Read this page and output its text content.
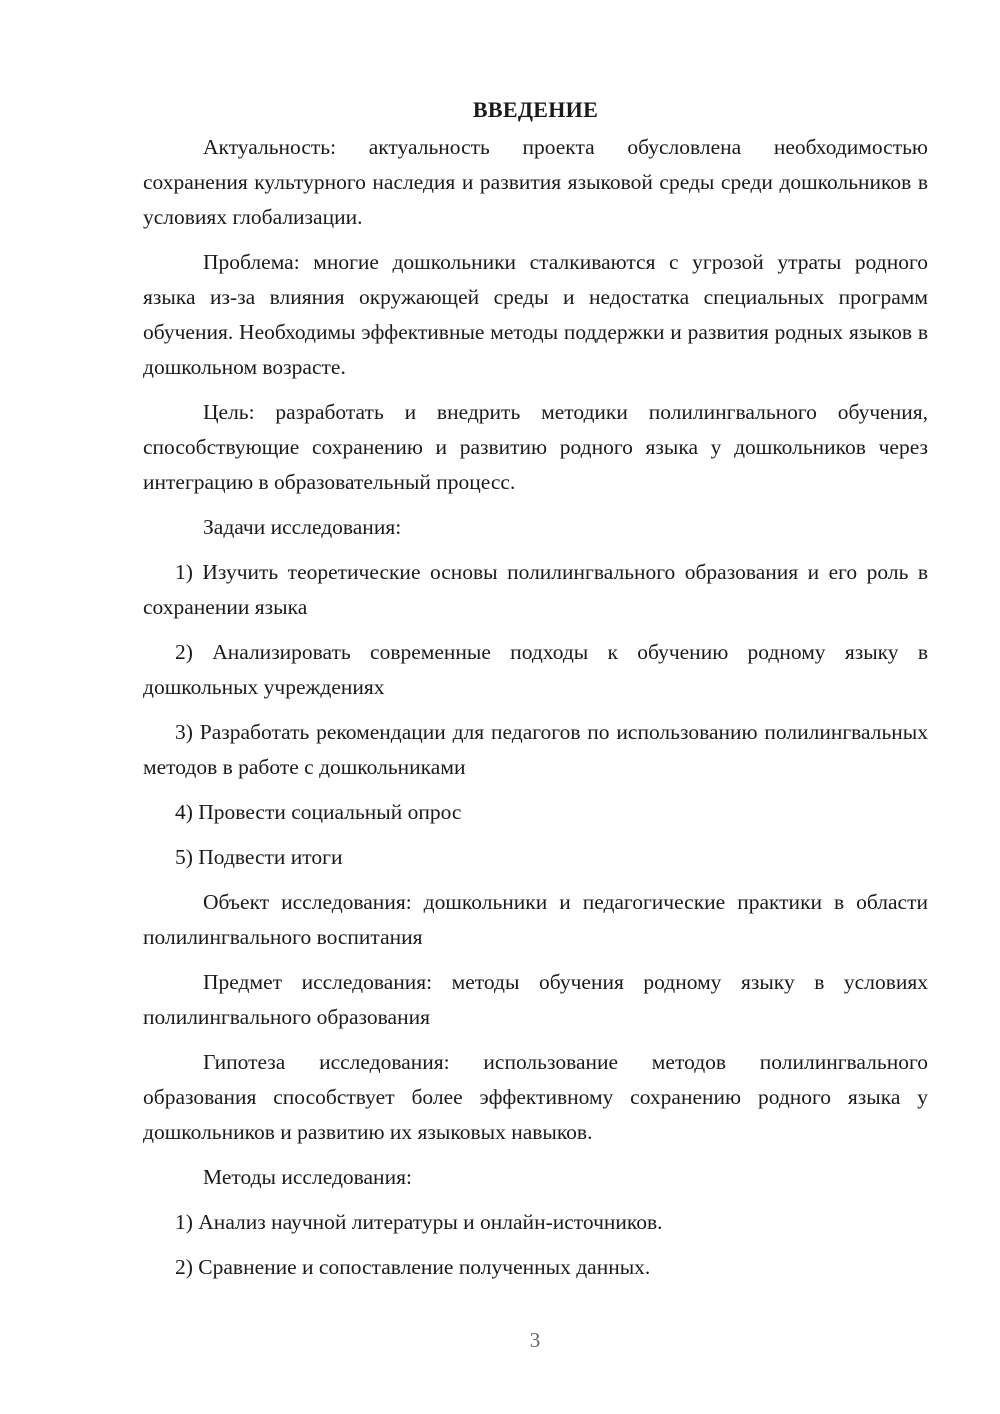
ВВЕДЕНИЕ

Актуальность: актуальность проекта обусловлена необходимостью сохранения культурного наследия и развития языковой среды среди дошкольников в условиях глобализации.

Проблема: многие дошкольники сталкиваются с угрозой утраты родного языка из-за влияния окружающей среды и недостатка специальных программ обучения. Необходимы эффективные методы поддержки и развития родных языков в дошкольном возрасте.

Цель: разработать и внедрить методики полилингвального обучения, способствующие сохранению и развитию родного языка у дошкольников через интеграцию в образовательный процесс.

Задачи исследования:

1) Изучить теоретические основы полилингвального образования и его роль в сохранении языка

2) Анализировать современные подходы к обучению родному языку в дошкольных учреждениях

3) Разработать рекомендации для педагогов по использованию полилингвальных методов в работе с дошкольниками

4) Провести социальный опрос

5) Подвести итоги

Объект исследования: дошкольники и педагогические практики в области полилингвального воспитания

Предмет исследования: методы обучения родному языку в условиях полилингвального образования

Гипотеза исследования: использование методов полилингвального образования способствует более эффективному сохранению родного языка у дошкольников и развитию их языковых навыков.

Методы исследования:

1) Анализ научной литературы и онлайн-источников.

2) Сравнение и сопоставление полученных данных.

3
